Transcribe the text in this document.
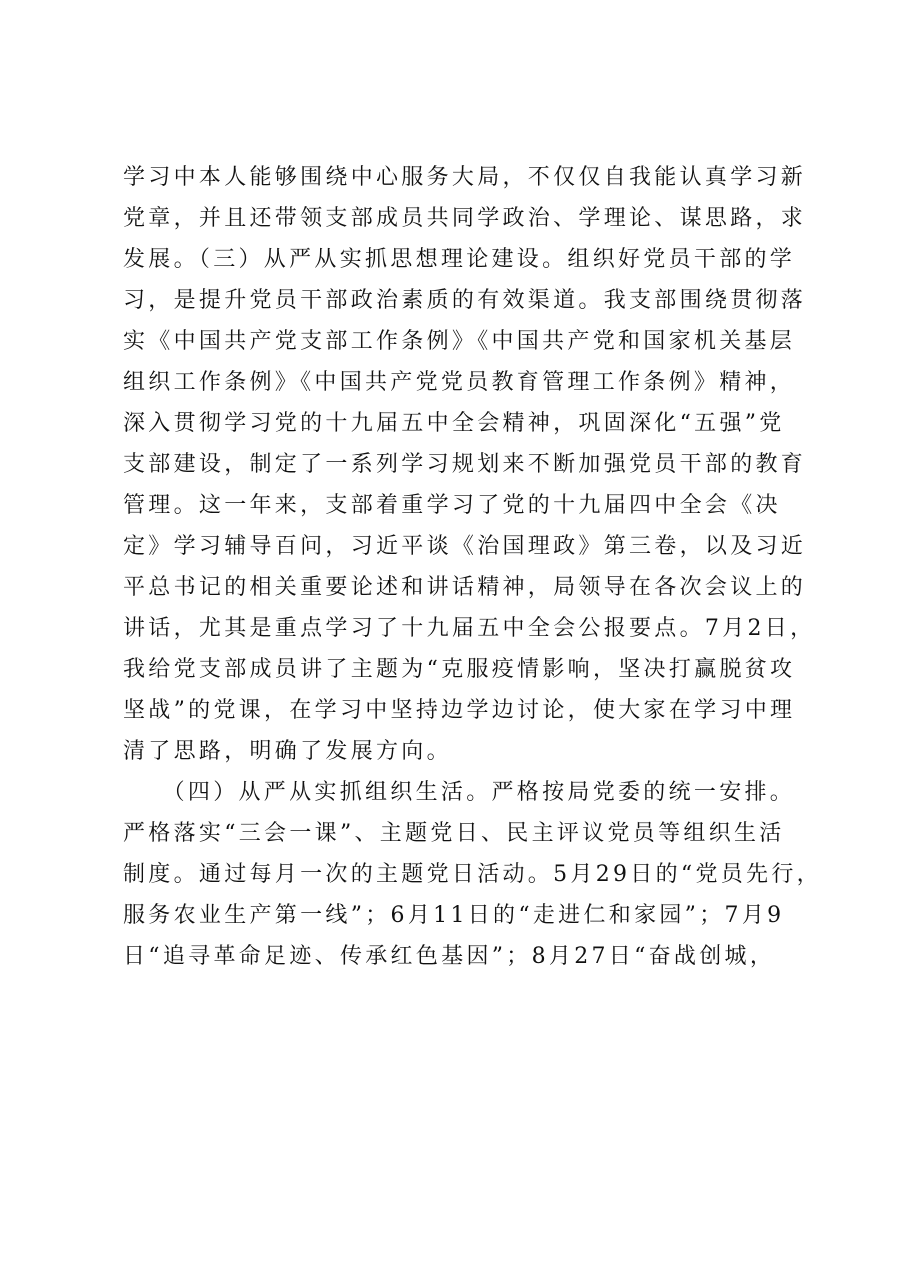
学习中本人能够围绕中心服务大局，不仅仅自我能认真学习新
党章，并且还带领支部成员共同学政治、学理论、谋思路，求
发展。（三）从严从实抓思想理论建设。组织好党员干部的学
习，是提升党员干部政治素质的有效渠道。我支部围绕贯彻落
实《中国共产党支部工作条例》《中国共产党和国家机关基层
组织工作条例》《中国共产党党员教育管理工作条例》精神，
深入贯彻学习党的十九届五中全会精神，巩固深化“五强”党
支部建设，制定了一系列学习规划来不断加强党员干部的教育
管理。这一年来，支部着重学习了党的十九届四中全会《决
定》学习辅导百问，习近平谈《治国理政》第三卷，以及习近
平总书记的相关重要论述和讲话精神，局领导在各次会议上的
讲话，尤其是重点学习了十九届五中全会公报要点。7月2日，
我给党支部成员讲了主题为“克服疫情影响，坚决打赢脱贫攻
坚战”的党课，在学习中坚持边学边讨论，使大家在学习中理
清了思路，明确了发展方向。
　　（四）从严从实抓组织生活。严格按局党委的统一安排。
严格落实“三会一课”、主题党日、民主评议党员等组织生活
制度。通过每月一次的主题党日活动。5月29日的“党员先行，
服务农业生产第一线”；6月11日的“走进仁和家园”；7月9
日“追寻革命足迹、传承红色基因”；8月27日“奋战创城，
